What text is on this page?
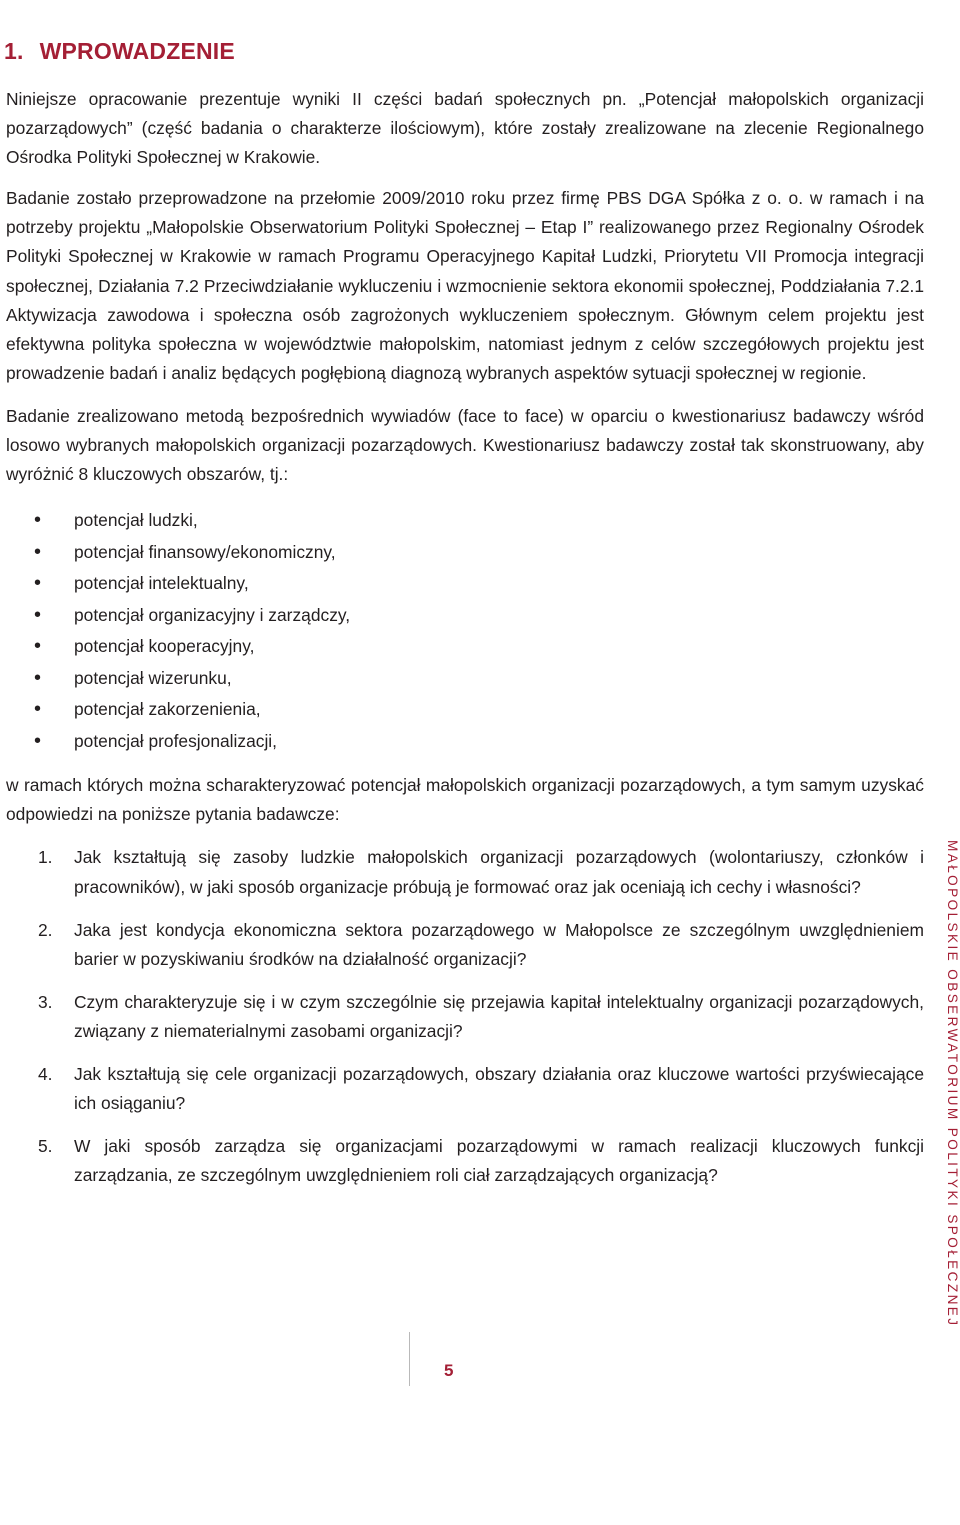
1. WPROWADZENIE

Niniejsze opracowanie prezentuje wyniki II części badań społecznych pn. „Potencjał małopolskich organizacji pozarządowych” (część badania o charakterze ilościowym), które zostały zrealizowane na zlecenie Regionalnego Ośrodka Polityki Społecznej w Krakowie.

Badanie zostało przeprowadzone na przełomie 2009/2010 roku przez firmę PBS DGA Spółka z o. o. w ramach i na potrzeby projektu „Małopolskie Obserwatorium Polityki Społecznej – Etap I” realizowanego przez Regionalny Ośrodek Polityki Społecznej w Krakowie w ramach Programu Operacyjnego Kapitał Ludzki, Priorytetu VII Promocja integracji społecznej, Działania 7.2 Przeciwdziałanie wykluczeniu i wzmocnienie sektora ekonomii społecznej, Poddziałania 7.2.1 Aktywizacja zawodowa i społeczna osób zagrożonych wykluczeniem społecznym. Głównym celem projektu jest efektywna polityka społeczna w województwie małopolskim, natomiast jednym z celów szczegółowych projektu jest prowadzenie badań i analiz będących pogłębioną diagnozą wybranych aspektów sytuacji społecznej w regionie.

Badanie zrealizowano metodą bezpośrednich wywiadów (face to face) w oparciu o kwestionariusz badawczy wśród losowo wybranych małopolskich organizacji pozarządowych. Kwestionariusz badawczy został tak skonstruowany, aby wyróżnić 8 kluczowych obszarów, tj.:

• potencjał ludzki,
• potencjał finansowy/ekonomiczny,
• potencjał intelektualny,
• potencjał organizacyjny i zarządczy,
• potencjał kooperacyjny,
• potencjał wizerunku,
• potencjał zakorzenienia,
• potencjał profesjonalizacji,

w ramach których można scharakteryzować potencjał małopolskich organizacji pozarządowych, a tym samym uzyskać odpowiedzi na poniższe pytania badawcze:

1. Jak kształtują się zasoby ludzkie małopolskich organizacji pozarządowych (wolontariuszy, członków i pracowników), w jaki sposób organizacje próbują je formować oraz jak oceniają ich cechy i własności?
2. Jaka jest kondycja ekonomiczna sektora pozarządowego w Małopolsce ze szczególnym uwzględnieniem barier w pozyskiwaniu środków na działalność organizacji?
3. Czym charakteryzuje się i w czym szczególnie się przejawia kapitał intelektualny organizacji pozarządowych, związany z niematerialnymi zasobami organizacji?
4. Jak kształtują się cele organizacji pozarządowych, obszary działania oraz kluczowe wartości przyświecające ich osiąganiu?
5. W jaki sposób zarządza się organizacjami pozarządowymi w ramach realizacji kluczowych funkcji zarządzania, ze szczególnym uwzględnieniem roli ciał zarządzających organizacją?
5
MAŁOPOLSKIE OBSERWATORIUM POLITYKI SPOŁECZNEJ
